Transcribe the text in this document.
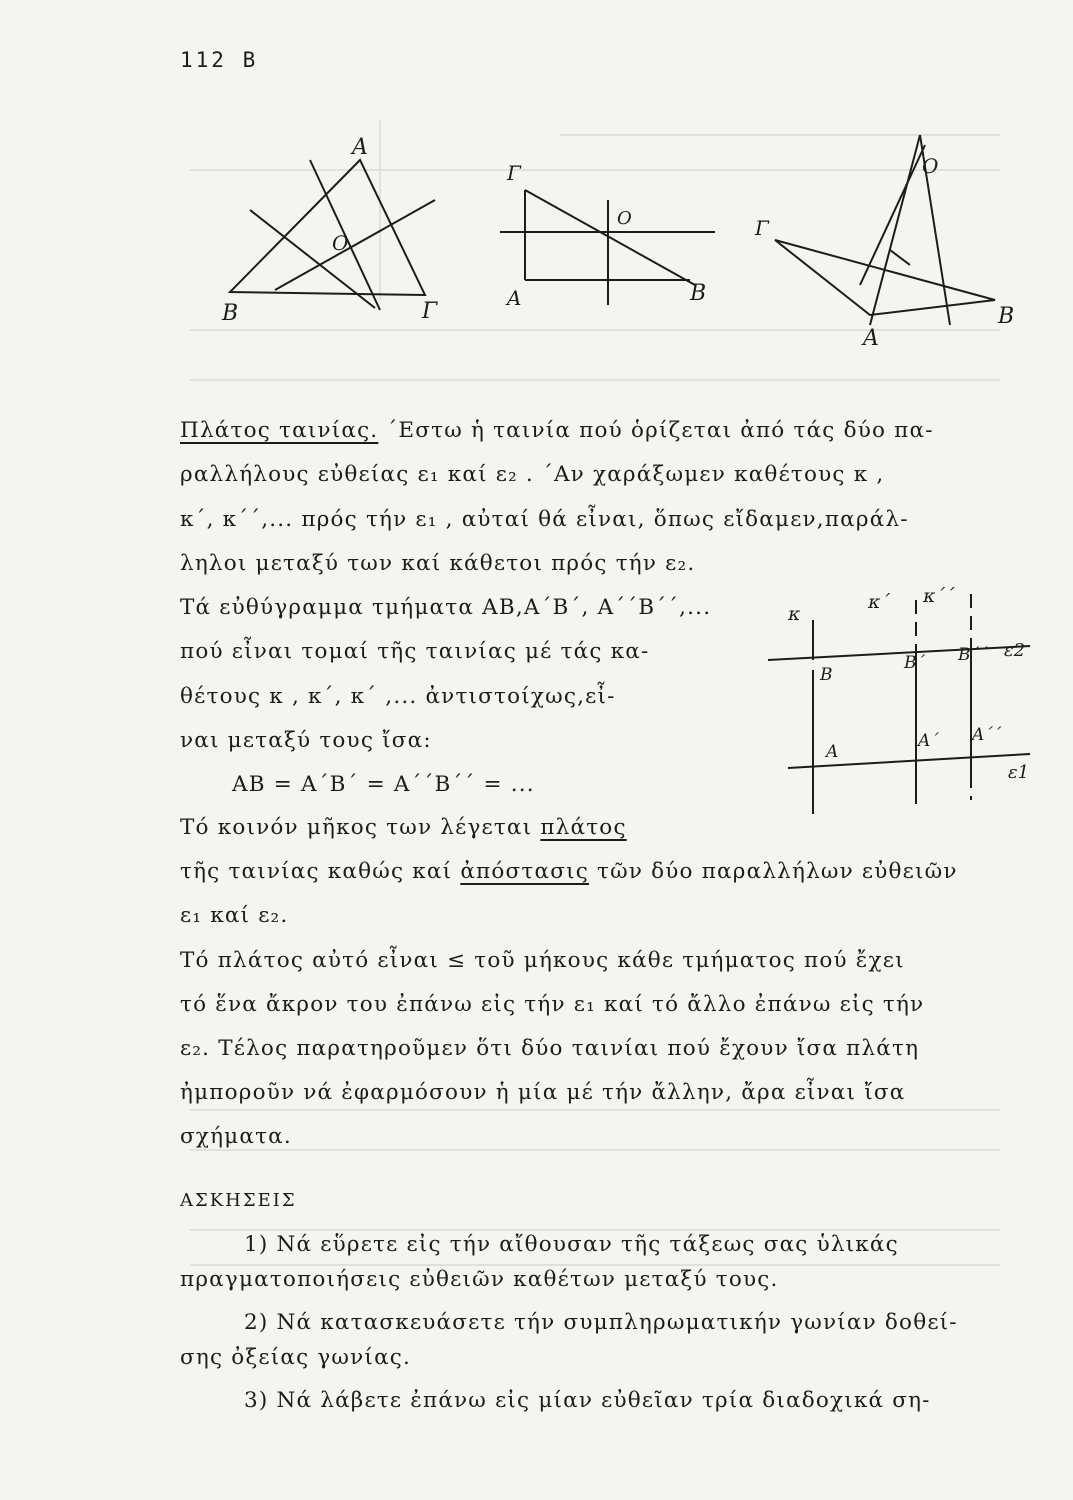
112 B
Α
Ο
Β	Γ
Γ
Ο
Α	Β
Ο
Γ
Α
Β
κ
κ΄ κ΄΄
Β
Β΄ Β΄΄ ε2
Α
Α΄ Α΄΄
ε1
Πλάτος ταινίας. ΄Εστω ἡ ταινία πού ὁρίζεται ἀπό τάς δύο πα-
ραλλήλους εὐθείας ε₁ καί ε₂ . ΄Αν χαράξωμεν καθέτους κ ,
κ΄, κ΄΄,... πρός τήν ε₁ , αὐταί θά εἶναι, ὅπως εἴδαμεν,παράλ-
ληλοι μεταξύ των καί κάθετοι πρός τήν ε₂.
Τά εὐθύγραμμα τμήματα ΑΒ,Α΄Β΄, Α΄΄Β΄΄,...
πού εἶναι τομαί τῆς ταινίας μέ τάς κα-
θέτους κ , κ΄, κ΄ ,... ἀντιστοίχως,εἶ-
ναι μεταξύ τους ἴσα:
ΑΒ = Α΄Β΄ = Α΄΄Β΄΄ = ...
Τό κοινόν μῆκος των λέγεται πλάτος
τῆς ταινίας καθώς καί ἀπόστασις τῶν δύο παραλλήλων εὐθειῶν
ε₁ καί ε₂.
Τό πλάτος αὐτό εἶναι ≤ τοῦ μήκους κάθε τμήματος πού ἔχει
τό ἕνα ἄκρον του ἐπάνω εἰς τήν ε₁ καί τό ἄλλο ἐπάνω εἰς τήν
ε₂. Τέλος παρατηροῦμεν ὅτι δύο ταινίαι πού ἔχουν ἴσα πλάτη
ἠμποροῦν νά ἐφαρμόσουν ἡ μία μέ τήν ἄλλην, ἄρα εἶναι ἴσα
σχήματα.
ΑΣΚΗΣΕΙΣ
1) Νά εὕρετε εἰς τήν αἴθουσαν τῆς τάξεως σας ὑλικάς
πραγματοποιήσεις εὐθειῶν καθέτων μεταξύ τους.
2) Νά κατασκευάσετε τήν συμπληρωματικήν γωνίαν δοθεί-
σης ὀξείας γωνίας.
3) Νά λάβετε ἐπάνω εἰς μίαν εὐθεῖαν τρία διαδοχικά ση-
